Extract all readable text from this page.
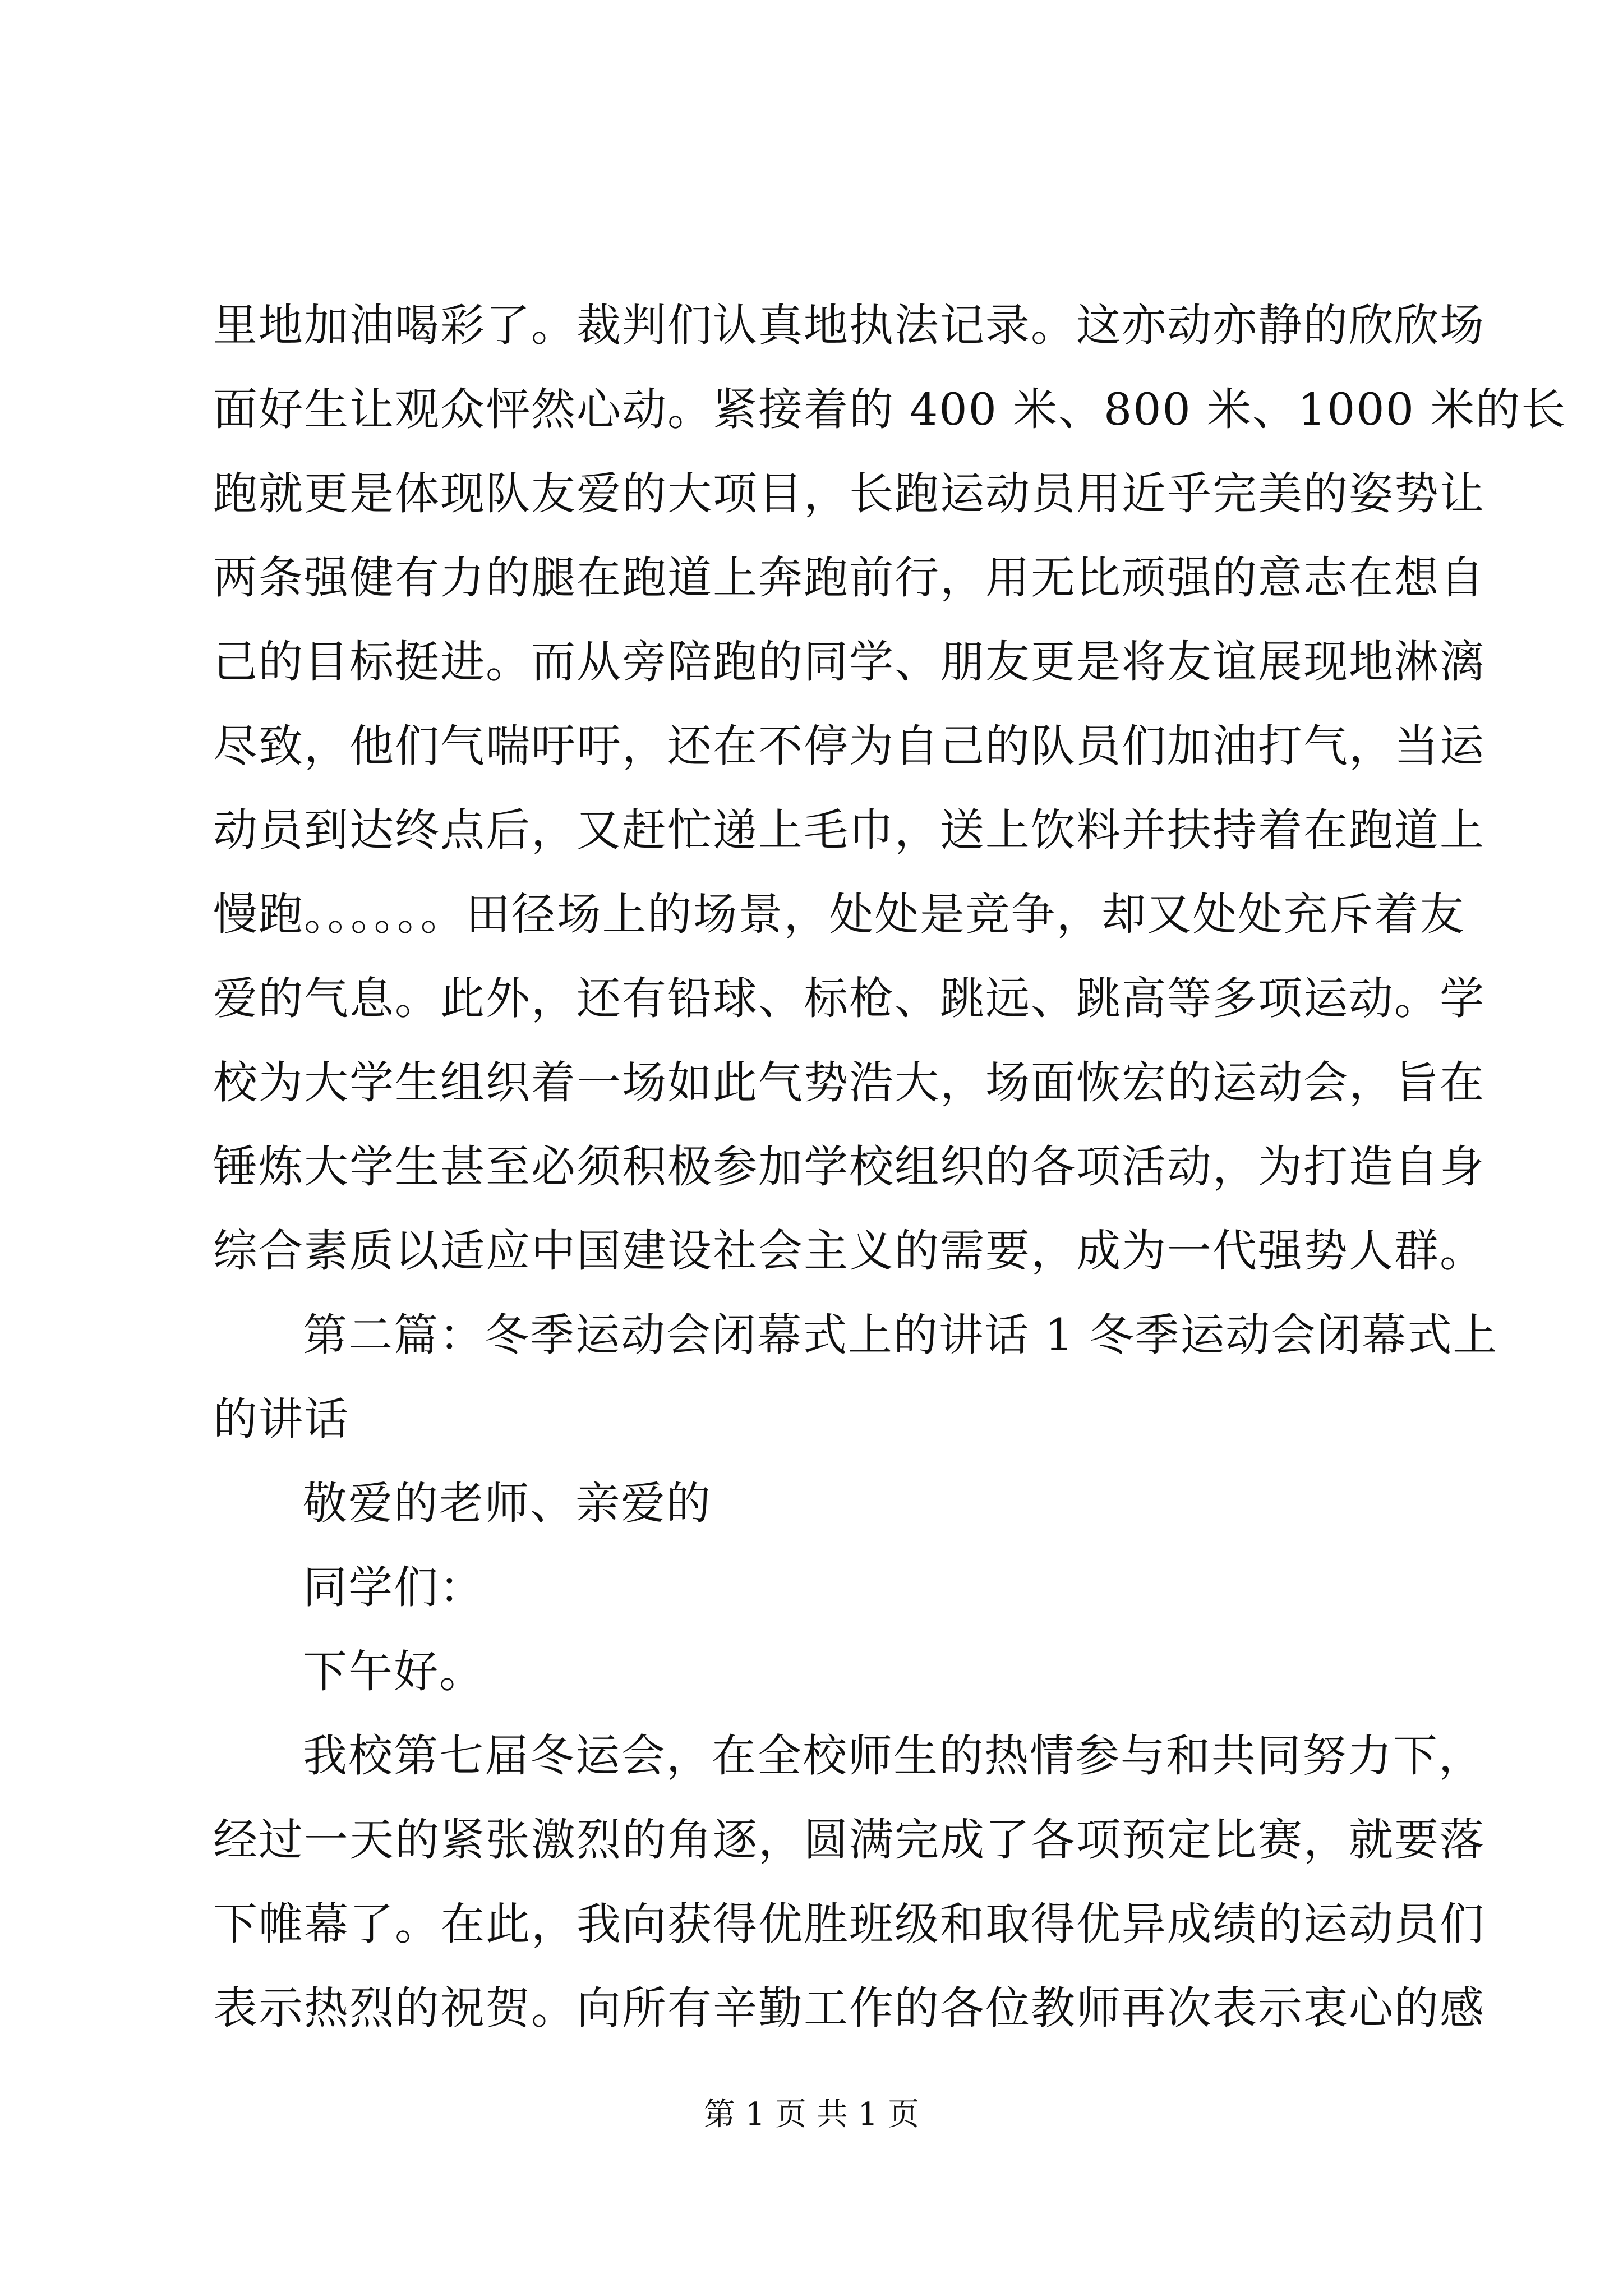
里地加油喝彩了。裁判们认真地执法记录。这亦动亦静的欣欣场
面好生让观众怦然心动。紧接着的 400 米、800 米、1000 米的长
跑就更是体现队友爱的大项目，长跑运动员用近乎完美的姿势让
两条强健有力的腿在跑道上奔跑前行，用无比顽强的意志在想自
己的目标挺进。而从旁陪跑的同学、朋友更是将友谊展现地淋漓
尽致，他们气喘吁吁，还在不停为自己的队员们加油打气，当运
动员到达终点后，又赶忙递上毛巾，送上饮料并扶持着在跑道上
慢跑。。。。。。田径场上的场景，处处是竞争，却又处处充斥着友
爱的气息。此外，还有铅球、标枪、跳远、跳高等多项运动。学
校为大学生组织着一场如此气势浩大，场面恢宏的运动会，旨在
锤炼大学生甚至必须积极参加学校组织的各项活动，为打造自身
综合素质以适应中国建设社会主义的需要，成为一代强势人群。
第二篇：冬季运动会闭幕式上的讲话 1 冬季运动会闭幕式上
的讲话
敬爱的老师、亲爱的
同学们：
下午好。
我校第七届冬运会，在全校师生的热情参与和共同努力下，
经过一天的紧张激烈的角逐，圆满完成了各项预定比赛，就要落
下帷幕了。在此，我向获得优胜班级和取得优异成绩的运动员们
表示热烈的祝贺。向所有辛勤工作的各位教师再次表示衷心的感
第 1 页 共 1 页
